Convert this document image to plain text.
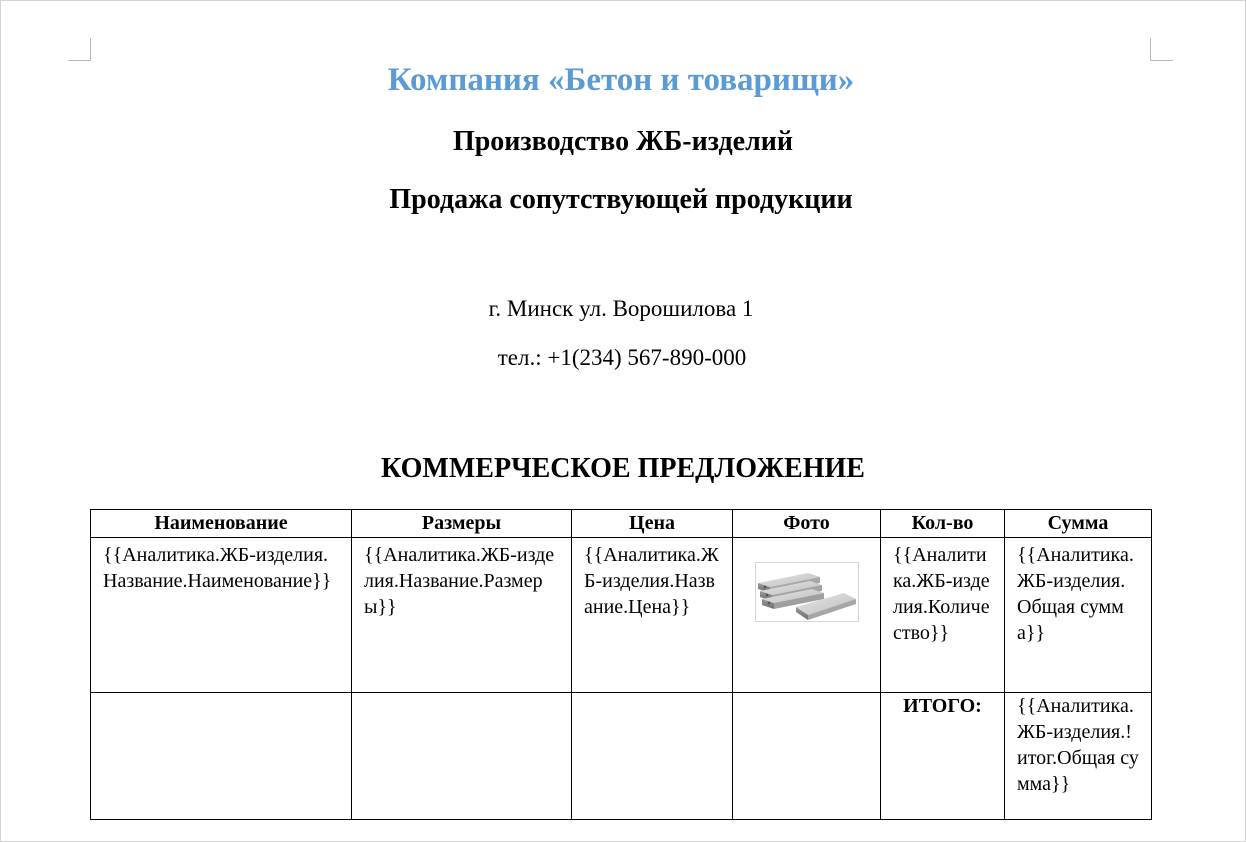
Компания «Бетон и товарищи»
Производство ЖБ-изделий
Продажа сопутствующей продукции
г. Минск ул. Ворошилова 1
тел.: +1(234) 567-890-000
КОММЕРЧЕСКОЕ ПРЕДЛОЖЕНИЕ
Наименование	Размеры	Цена	Фото	Кол-во	Сумма
{{Аналитика.ЖБ-изделия.Название.Наименование}}	{{Аналитика.ЖБ-изделия.Название.Размеры}}	{{Аналитика.ЖБ-изделия.Название.Цена}}		{{Аналитика.ЖБ-изделия.Количество}}	{{Аналитика.ЖБ-изделия.Общая сумма}}

				ИТОГО:	{{Аналитика.ЖБ-изделия.!итог.Общая сумма}}
